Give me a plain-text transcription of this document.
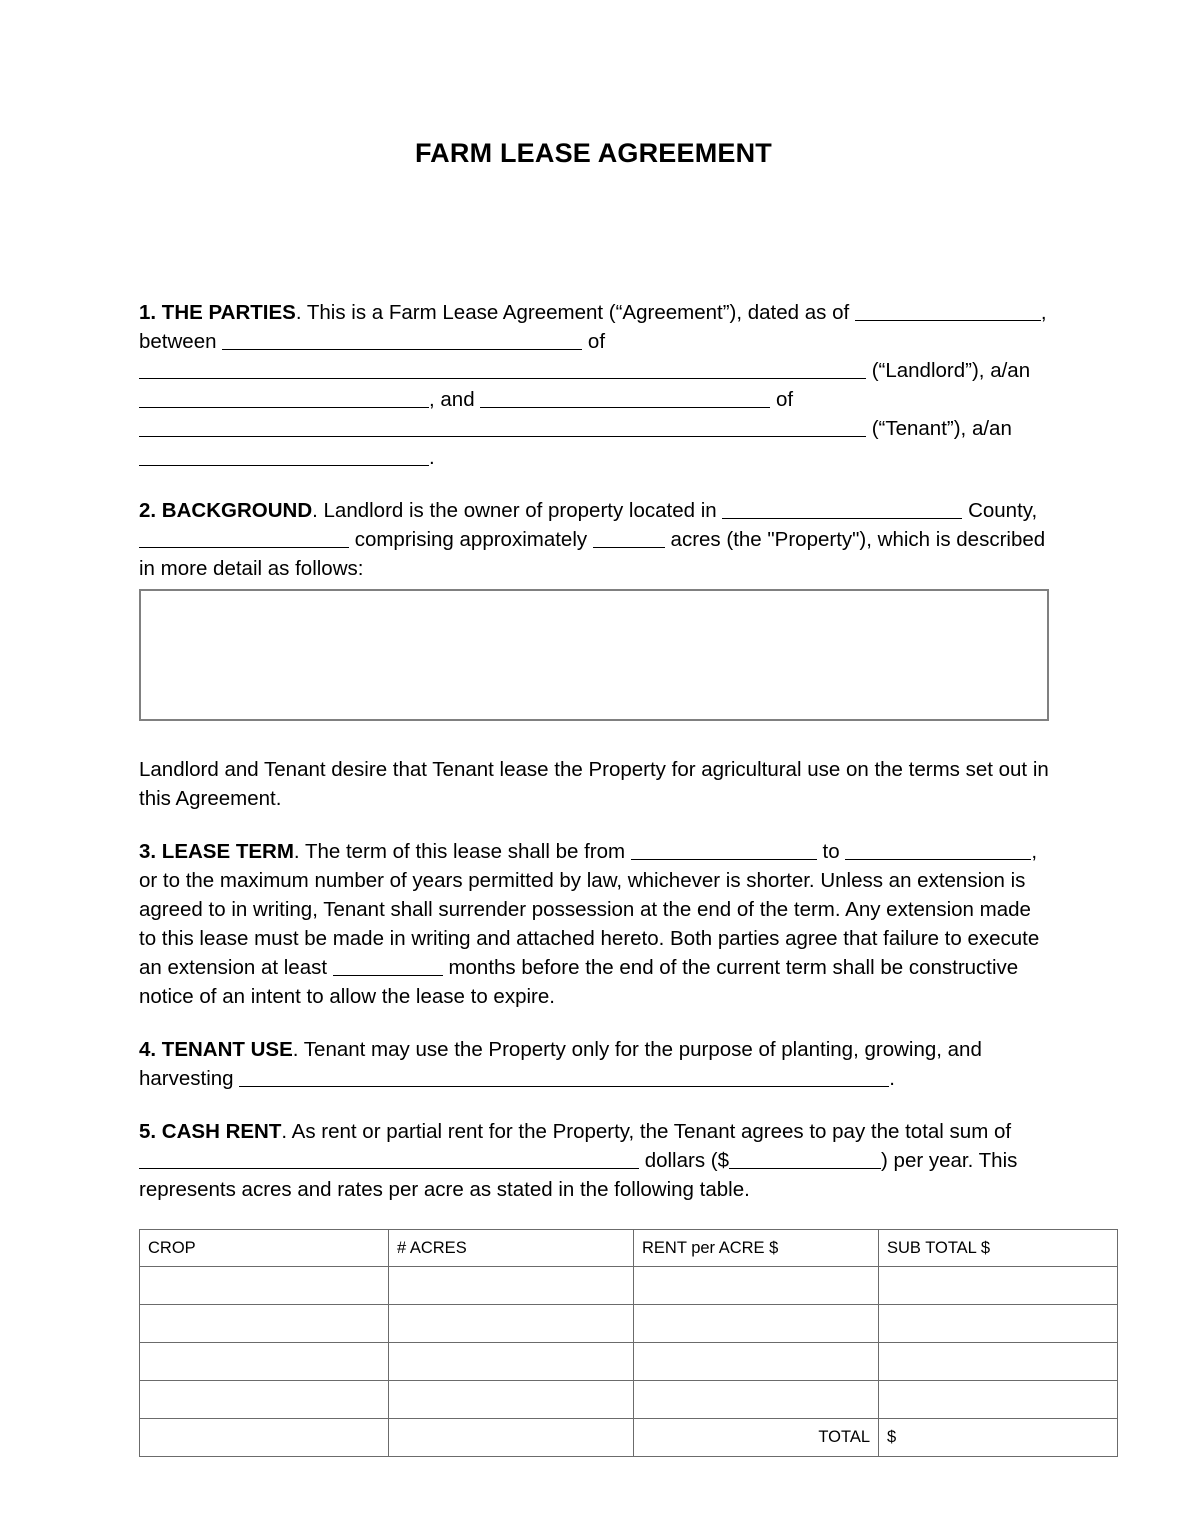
FARM LEASE AGREEMENT

1. THE PARTIES. This is a Farm Lease Agreement (“Agreement”), dated as of	, between	of  (“Landlord”), a/an , and	of  (“Tenant”), a/an .

2. BACKGROUND. Landlord is the owner of property located in	County,  comprising approximately	acres (the "Property"), which is described in more detail as follows:

Landlord and Tenant desire that Tenant lease the Property for agricultural use on the terms set out in this Agreement.

3. LEASE TERM. The term of this lease shall be from	to	, or to the maximum number of years permitted by law, whichever is shorter. Unless an extension is agreed to in writing, Tenant shall surrender possession at the end of the term. Any extension made to this lease must be made in writing and attached hereto. Both parties agree that failure to execute an extension at least	months before the end of the current term shall be constructive notice of an intent to allow the lease to expire.

4. TENANT USE. Tenant may use the Property only for the purpose of planting, growing, and harvesting	.

5. CASH RENT. As rent or partial rent for the Property, the Tenant agrees to pay the total sum of  dollars ($	) per year. This represents acres and rates per acre as stated in the following table.

CROP	# ACRES	RENT per ACRE $	SUB TOTAL $

		TOTAL	$
